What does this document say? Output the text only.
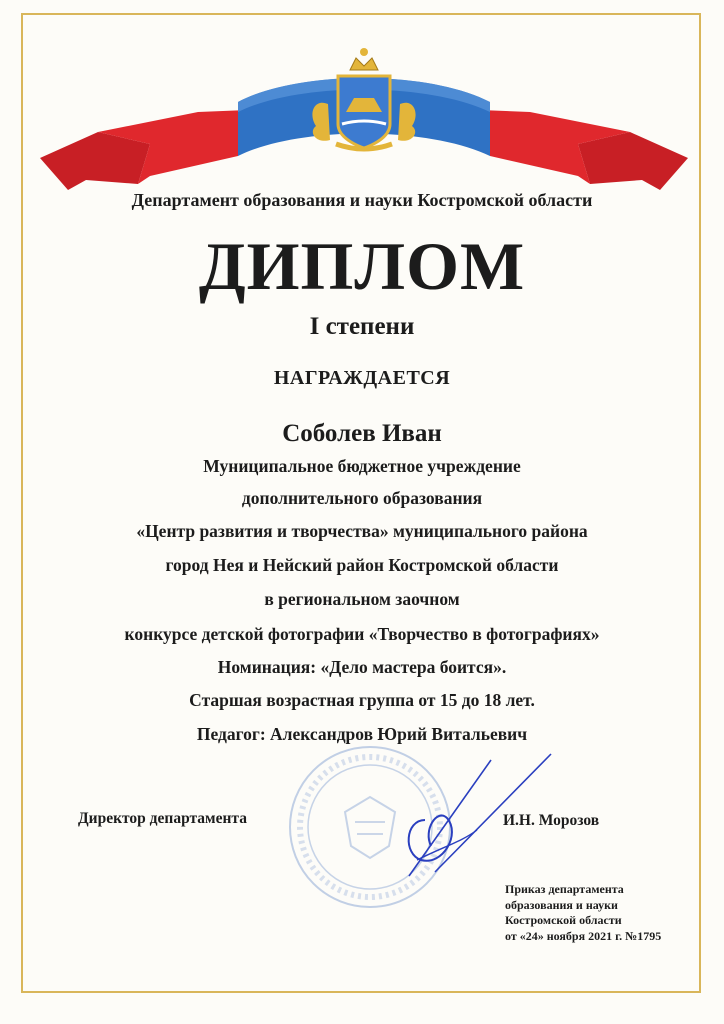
Департамент образования и науки Костромской области
ДИПЛОМ
I степени
НАГРАЖДАЕТСЯ
Соболев Иван
Муниципальное бюджетное учреждение
дополнительного образования
«Центр развития и творчества» муниципального района
город Нея и Нейский район Костромской области
в региональном заочном
конкурсе детской фотографии «Творчество в фотографиях»
Номинация: «Дело мастера боится».
Старшая возрастная группа от 15 до 18 лет.
Педагог: Александров Юрий Витальевич
Директор департамента	И.Н. Морозов
Приказ департамента
образования и науки
Костромской области
от «24» ноября 2021 г. №1795
